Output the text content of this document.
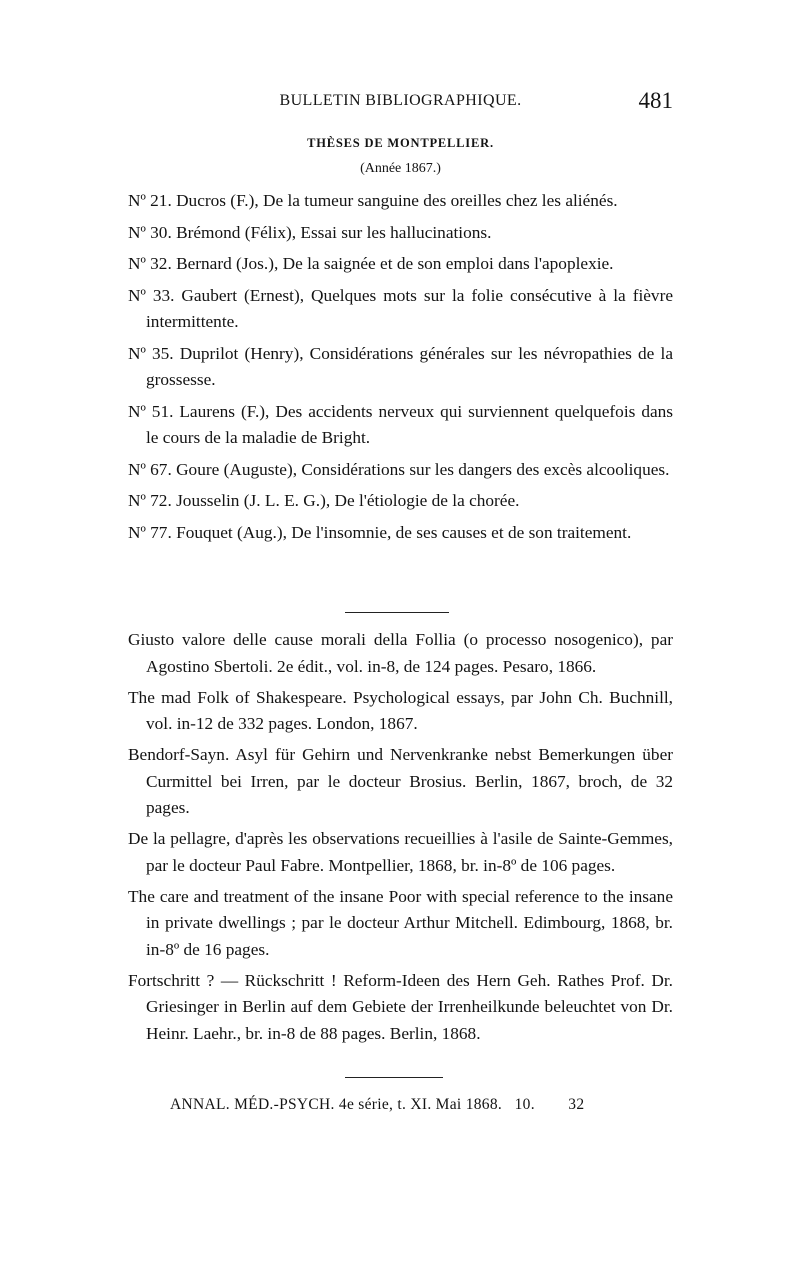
BULLETIN BIBLIOGRAPHIQUE.	481
THÈSES DE MONTPELLIER.
(Année 1867.)
Nº 21. Ducros (F.), De la tumeur sanguine des oreilles chez les aliénés.
Nº 30. Brémond (Félix), Essai sur les hallucinations.
Nº 32. Bernard (Jos.), De la saignée et de son emploi dans l'apoplexie.
Nº 33. Gaubert (Ernest), Quelques mots sur la folie consécutive à la fièvre intermittente.
Nº 35. Duprilot (Henry), Considérations générales sur les névropathies de la grossesse.
Nº 51. Laurens (F.), Des accidents nerveux qui surviennent quelquefois dans le cours de la maladie de Bright.
Nº 67. Goure (Auguste), Considérations sur les dangers des excès alcooliques.
Nº 72. Jousselin (J. L. E. G.), De l'étiologie de la chorée.
Nº 77. Fouquet (Aug.), De l'insomnie, de ses causes et de son traitement.
Giusto valore delle cause morali della Follia (o processo nosogenico), par Agostino Sbertoli. 2e édit., vol. in-8, de 124 pages. Pesaro, 1866.
The mad Folk of Shakespeare. Psychological essays, par John Ch. Buchnill, vol. in-12 de 332 pages. London, 1867.
Bendorf-Sayn. Asyl für Gehirn und Nervenkranke nebst Bemerkungen über Curmittel bei Irren, par le docteur Brosius. Berlin, 1867, broch, de 32 pages.
De la pellagre, d'après les observations recueillies à l'asile de Sainte-Gemmes, par le docteur Paul Fabre. Montpellier, 1868, br. in-8º de 106 pages.
The care and treatment of the insane Poor with special reference to the insane in private dwellings ; par le docteur Arthur Mitchell. Edimbourg, 1868, br. in-8º de 16 pages.
Fortschritt ? — Rückschritt ! Reform-Ideen des Hern Geh. Rathes Prof. Dr. Griesinger in Berlin auf dem Gebiete der Irrenheilkunde beleuchtet von Dr. Heinr. Laehr., br. in-8 de 88 pages. Berlin, 1868.
ANNAL. MÉD.-PSYCH. 4e série, t. XI. Mai 1868.   10.        32
